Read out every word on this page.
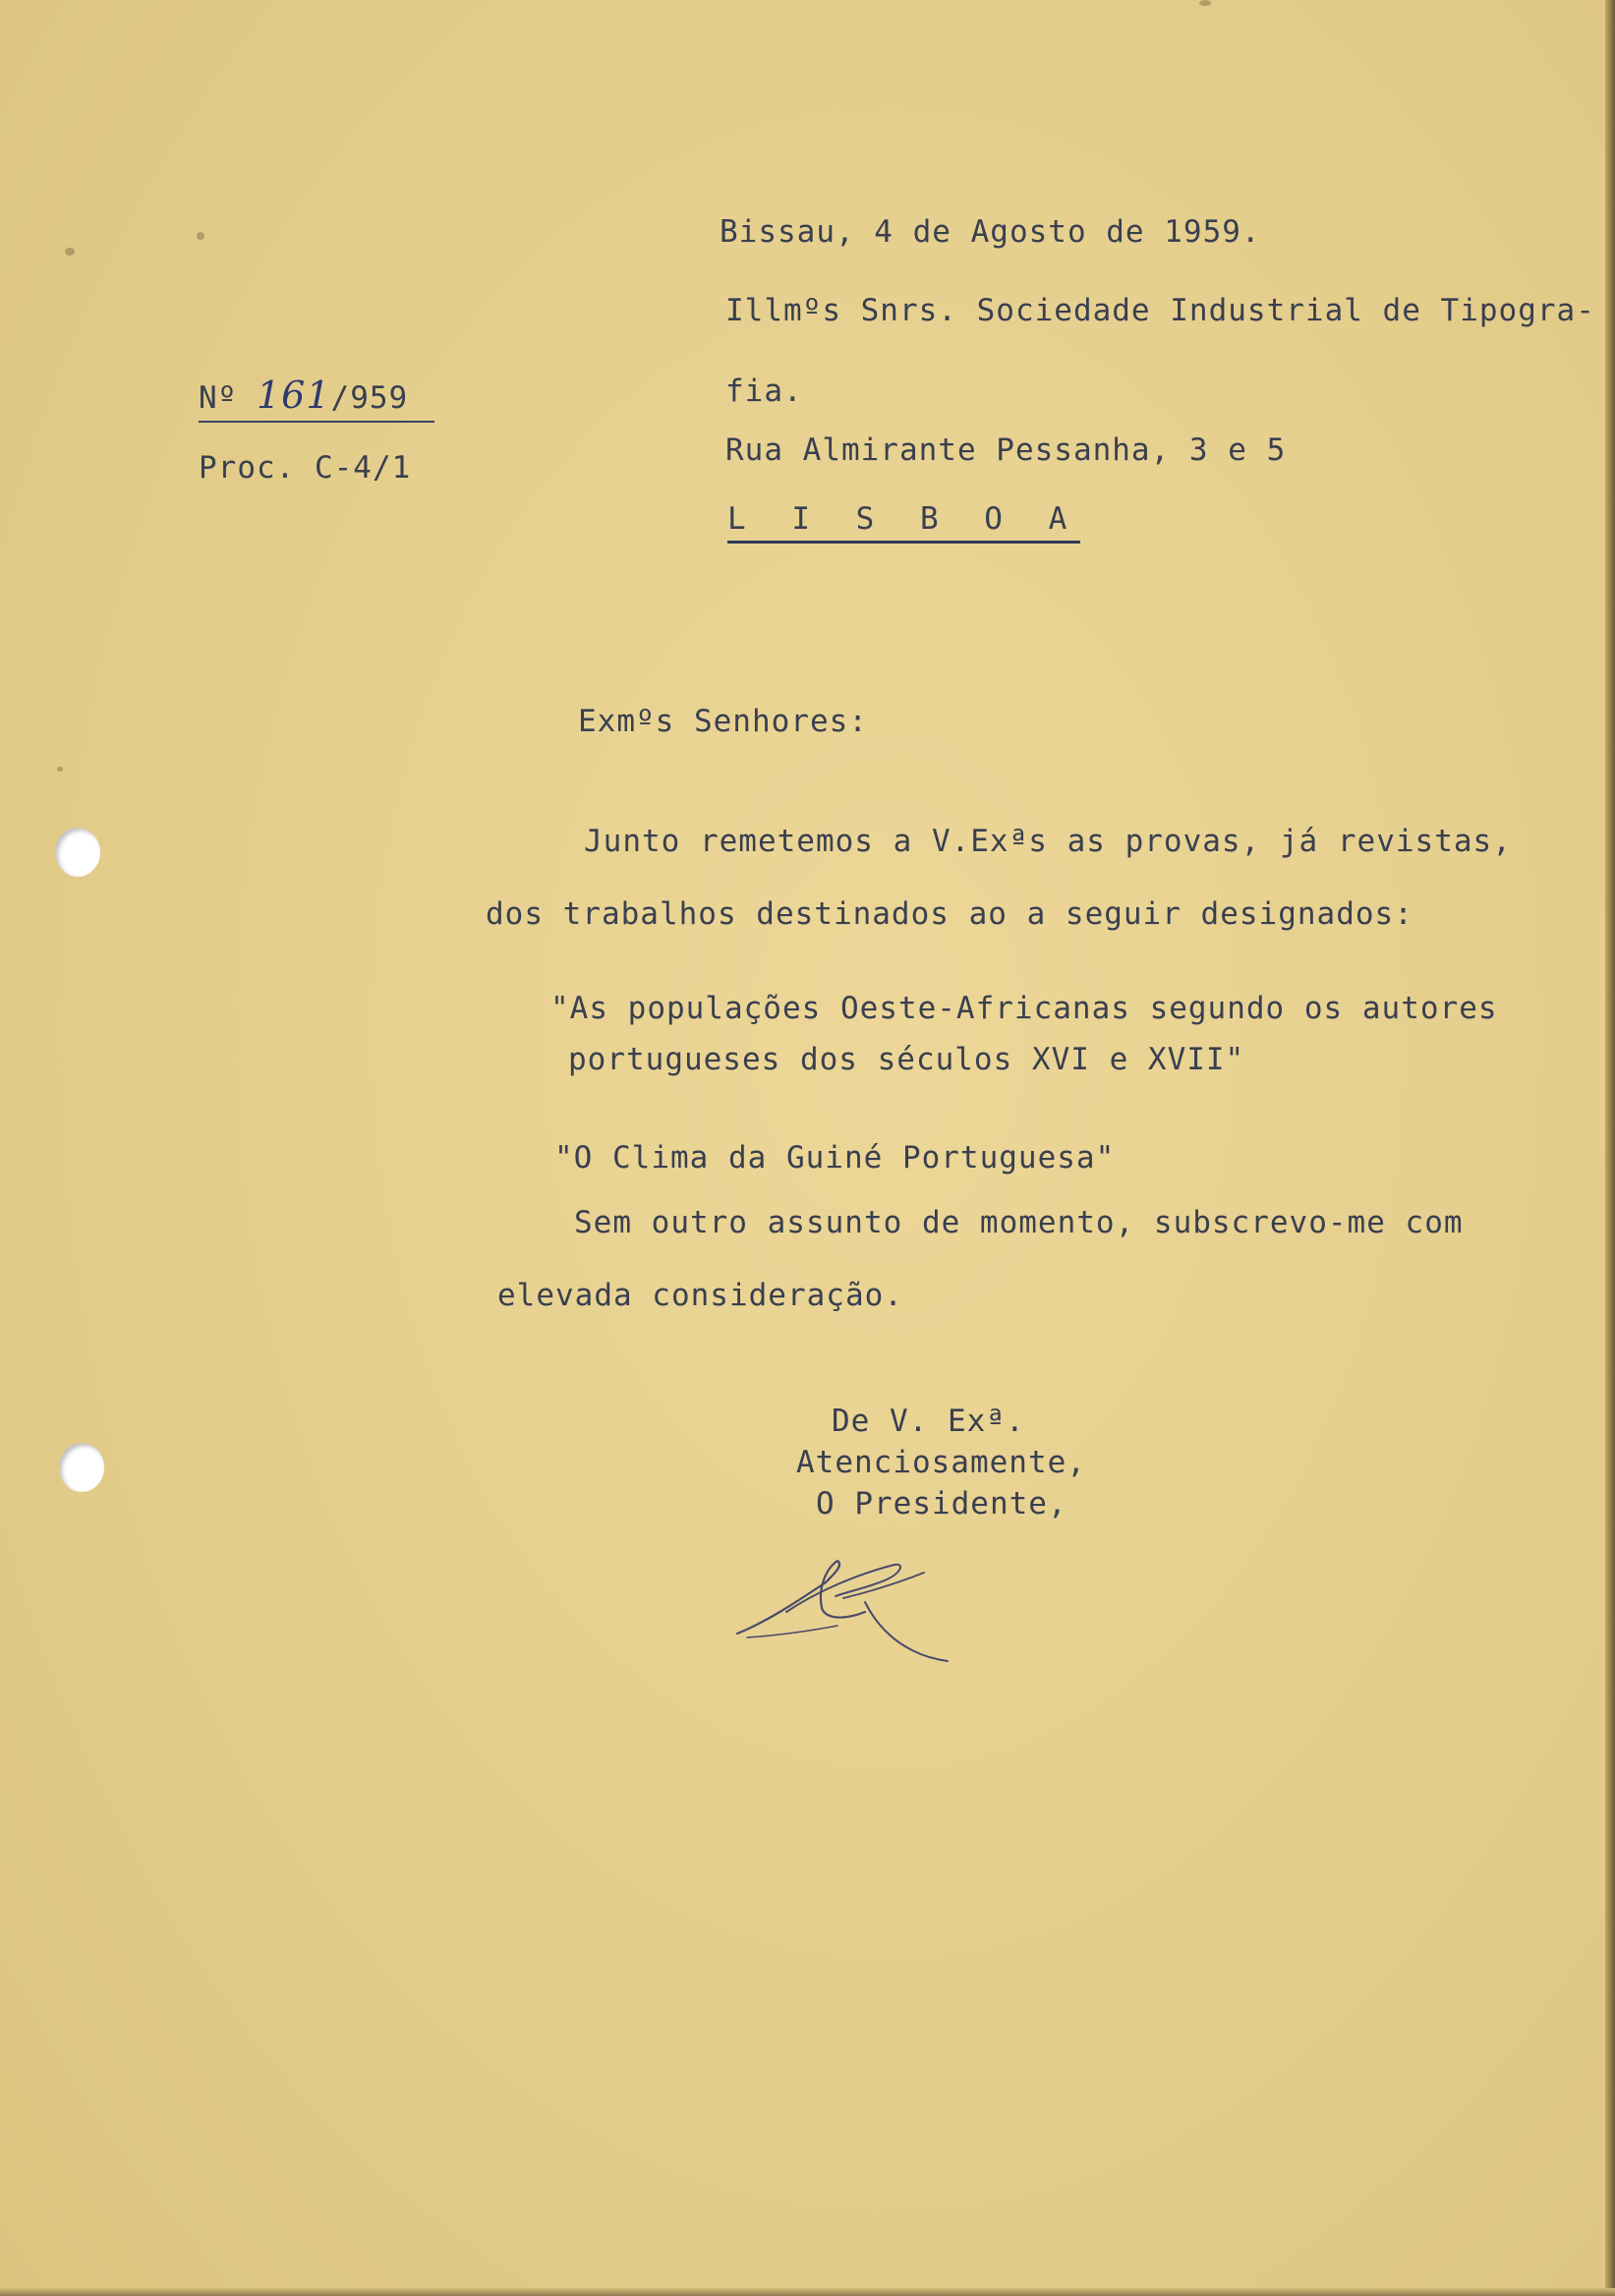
Bissau, 4 de Agosto de 1959.
Illmºs Snrs. Sociedade Industrial de Tipogra-
fia.
Rua Almirante Pessanha, 3 e 5
L I S B O A
Nº 161/959
Proc. C-4/1
Exmºs Senhores:
Junto remetemos a V.Exªs as provas, já revistas,
dos trabalhos destinados ao a seguir designados:
"As populações Oeste-Africanas segundo os autores
portugueses dos séculos XVI e XVII"
"O Clima da Guiné Portuguesa"
Sem outro assunto de momento, subscrevo-me com
elevada consideração.
De V. Exª.
Atenciosamente,
O Presidente,
